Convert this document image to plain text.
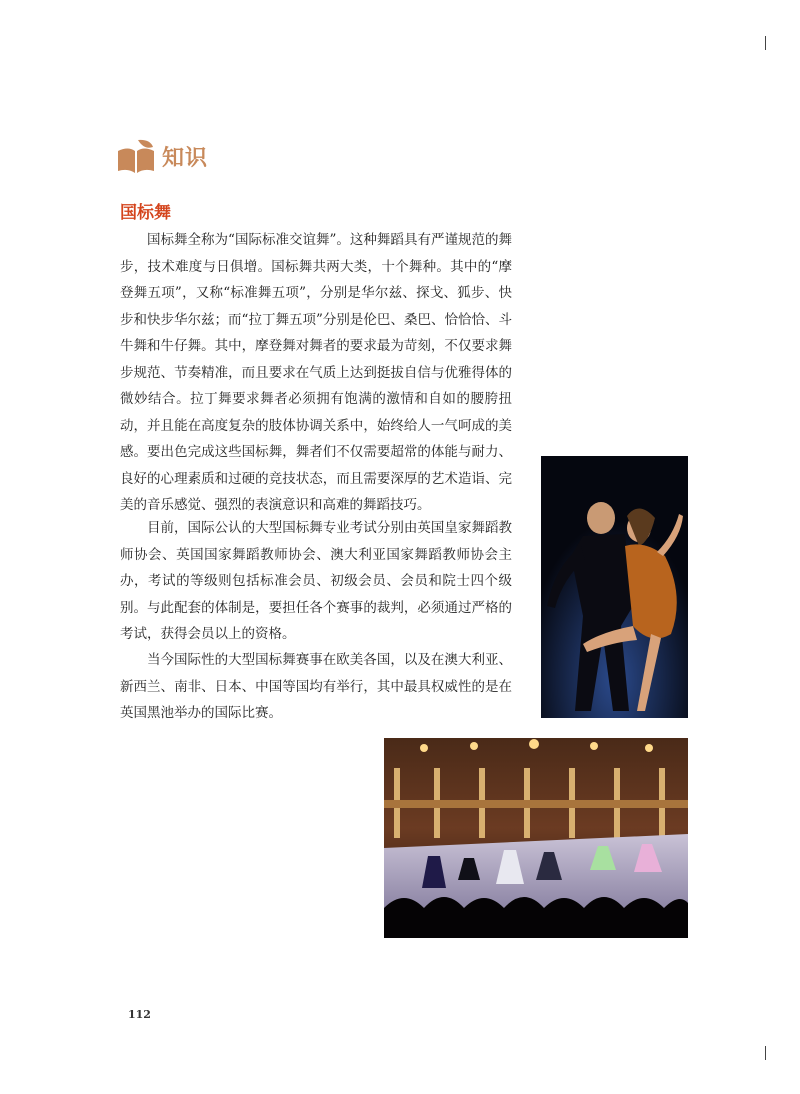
知识
国标舞

国标舞全称为“国际标准交谊舞”。这种舞蹈具有严谨规范的舞步，技术难度与日俱增。国标舞共两大类，十个舞种。其中的“摩登舞五项”，又称“标准舞五项”，分别是华尔兹、探戈、狐步、快步和快步华尔兹；而“拉丁舞五项”分别是伦巴、桑巴、恰恰恰、斗牛舞和牛仔舞。其中，摩登舞对舞者的要求最为苛刻，不仅要求舞步规范、节奏精准，而且要求在气质上达到挺拔自信与优雅得体的微妙结合。拉丁舞要求舞者必须拥有饱满的激情和自如的腰胯扭动，并且能在高度复杂的肢体协调关系中，始终给人一气呵成的美感。要出色完成这些国标舞，舞者们不仅需要超常的体能与耐力、良好的心理素质和过硬的竞技状态，而且需要深厚的艺术造诣、完美的音乐感觉、强烈的表演意识和高难的舞蹈技巧。

目前，国际公认的大型国标舞专业考试分别由英国皇家舞蹈教师协会、英国国家舞蹈教师协会、澳大利亚国家舞蹈教师协会主办，考试的等级则包括标准会员、初级会员、会员和院士四个级别。与此配套的体制是，要担任各个赛事的裁判，必须通过严格的考试，获得会员以上的资格。

当今国际性的大型国标舞赛事在欧美各国，以及在澳大利亚、新西兰、南非、日本、中国等国均有举行，其中最具权威性的是在英国黑池举办的国际比赛。

112
